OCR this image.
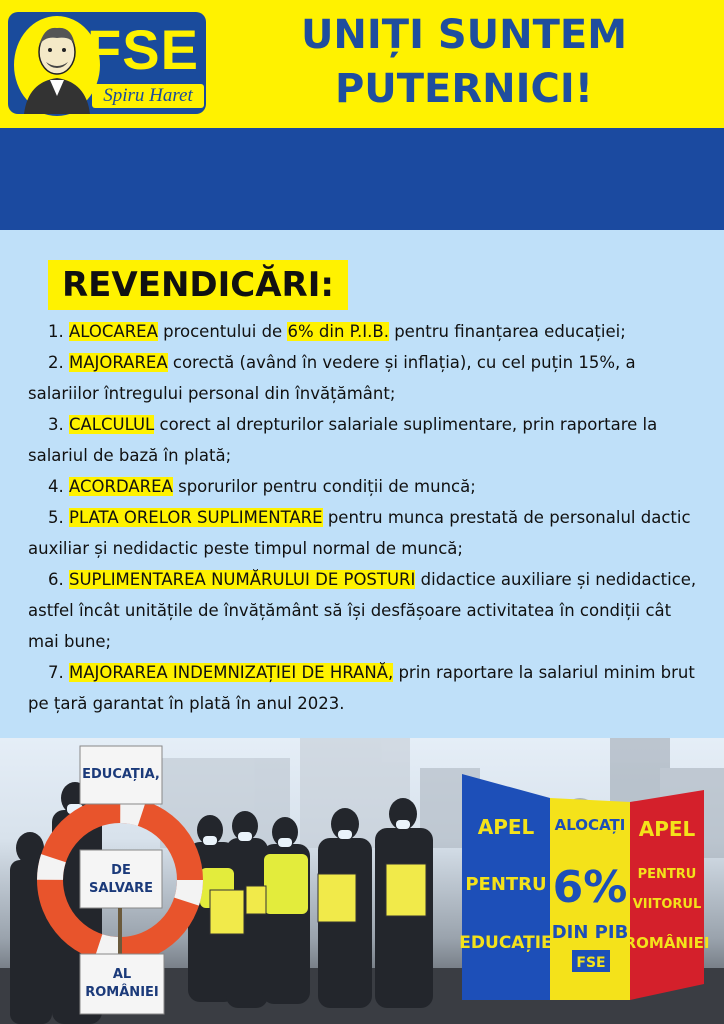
FSE
Spiru Haret
UNIȚI SUNTEM
PUTERNICI!
REVENDICĂRI:
1. ALOCAREA procentului de 6% din P.I.B. pentru finanțarea educației;
2. MAJORAREA corectă (având în vedere și inflația), cu cel puțin 15%, a salariilor întregului personal din învățământ;
3. CALCULUL corect al drepturilor salariale suplimentare, prin raportare la salariul de bază în plată;
4. ACORDAREA sporurilor pentru condiții de muncă;
5. PLATA ORELOR SUPLIMENTARE pentru munca prestată de personalul dactic auxiliar și nedidactic peste timpul normal de muncă;
6. SUPLIMENTAREA NUMĂRULUI DE POSTURI didactice auxiliare și nedidactice, astfel încât unitățile de învățământ să își desfășoare activitatea în condiții cât mai bune;
7. MAJORAREA INDEMNIZAȚIEI DE HRANĂ, prin raportare la salariul minim brut pe țară garantat în plată în anul 2023.
EDUCAȚIA,
DE
SALVARE
AL
ROMÂNIEI
APEL
PENTRU
EDUCAȚIE
ALOCAȚI
6%
DIN PIB
FSE
APEL
PENTRU
VIITORUL
ROMÂNIEI
